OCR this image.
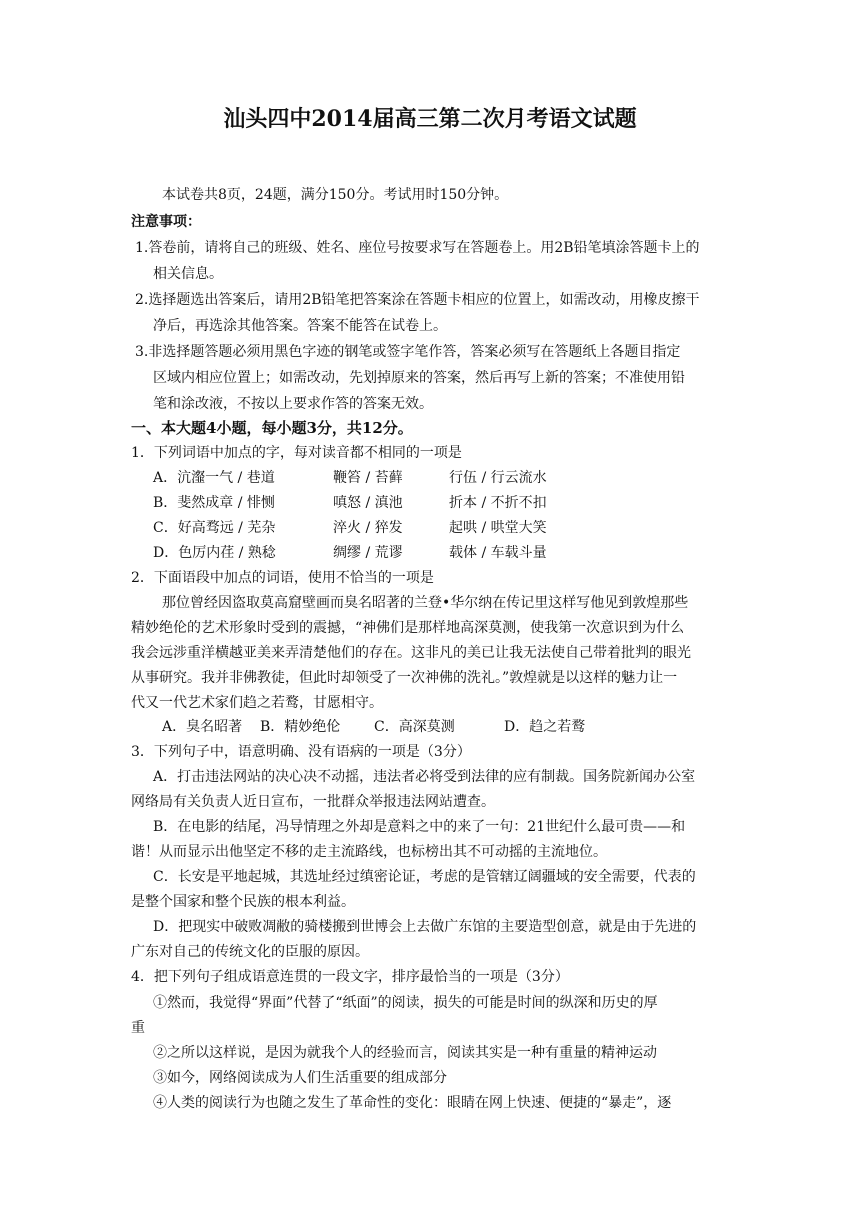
汕头四中2014届高三第二次月考语文试题
本试卷共8页，24题，满分150分。考试用时150分钟。
注意事项：
1.答卷前，请将自己的班级、姓名、座位号按要求写在答题卷上。用2B铅笔填涂答题卡上的
相关信息。
2.选择题选出答案后，请用2B铅笔把答案涂在答题卡相应的位置上，如需改动，用橡皮擦干
净后，再选涂其他答案。答案不能答在试卷上。
3.非选择题答题必须用黑色字迹的钢笔或签字笔作答，答案必须写在答题纸上各题目指定
区域内相应位置上；如需改动，先划掉原来的答案，然后再写上新的答案；不准使用铅
笔和涂改液，不按以上要求作答的答案无效。
一、本大题4小题，每小题3分，共12分。
1．下列词语中加点的字，每对读音都不相同的一项是
A．沆瀣一气 / 巷道	鞭笞 / 苔藓	行伍 / 行云流水
B．斐然成章 / 悱恻	嗔怒 / 滇池	折本 / 不折不扣
C．好高骛远 / 芜杂	淬火 / 猝发	起哄 / 哄堂大笑
D．色厉内荏 / 熟稔	绸缪 / 荒谬	载体 / 车载斗量
2．下面语段中加点的词语，使用不恰当的一项是
那位曾经因盗取莫高窟壁画而臭名昭著的兰登•华尔纳在传记里这样写他见到敦煌那些
精妙绝伦的艺术形象时受到的震撼，“神佛们是那样地高深莫测，使我第一次意识到为什么
我会远涉重洋横越亚美来弄清楚他们的存在。这非凡的美已让我无法使自己带着批判的眼光
从事研究。我并非佛教徒，但此时却领受了一次神佛的洗礼。”敦煌就是以这样的魅力让一
代又一代艺术家们趋之若鹜，甘愿相守。
A．臭名昭著 B．精妙绝伦 C．高深莫测	D．趋之若鹜
3．下列句子中，语意明确、没有语病的一项是（3分）
A．打击违法网站的决心决不动摇，违法者必将受到法律的应有制裁。国务院新闻办公室
网络局有关负责人近日宣布，一批群众举报违法网站遭查。
B．在电影的结尾，冯导情理之外却是意料之中的来了一句：21世纪什么最可贵——和
谐！从而显示出他坚定不移的走主流路线，也标榜出其不可动摇的主流地位。
C．长安是平地起城，其选址经过缜密论证，考虑的是管辖辽阔疆域的安全需要，代表的
是整个国家和整个民族的根本利益。
D．把现实中破败凋敝的骑楼搬到世博会上去做广东馆的主要造型创意，就是由于先进的
广东对自己的传统文化的臣服的原因。
4．把下列句子组成语意连贯的一段文字，排序最恰当的一项是（3分）
①然而，我觉得“界面”代替了“纸面”的阅读，损失的可能是时间的纵深和历史的厚
重
②之所以这样说，是因为就我个人的经验而言，阅读其实是一种有重量的精神运动
③如今，网络阅读成为人们生活重要的组成部分
④人类的阅读行为也随之发生了革命性的变化：眼睛在网上快速、便捷的“暴走”，逐
